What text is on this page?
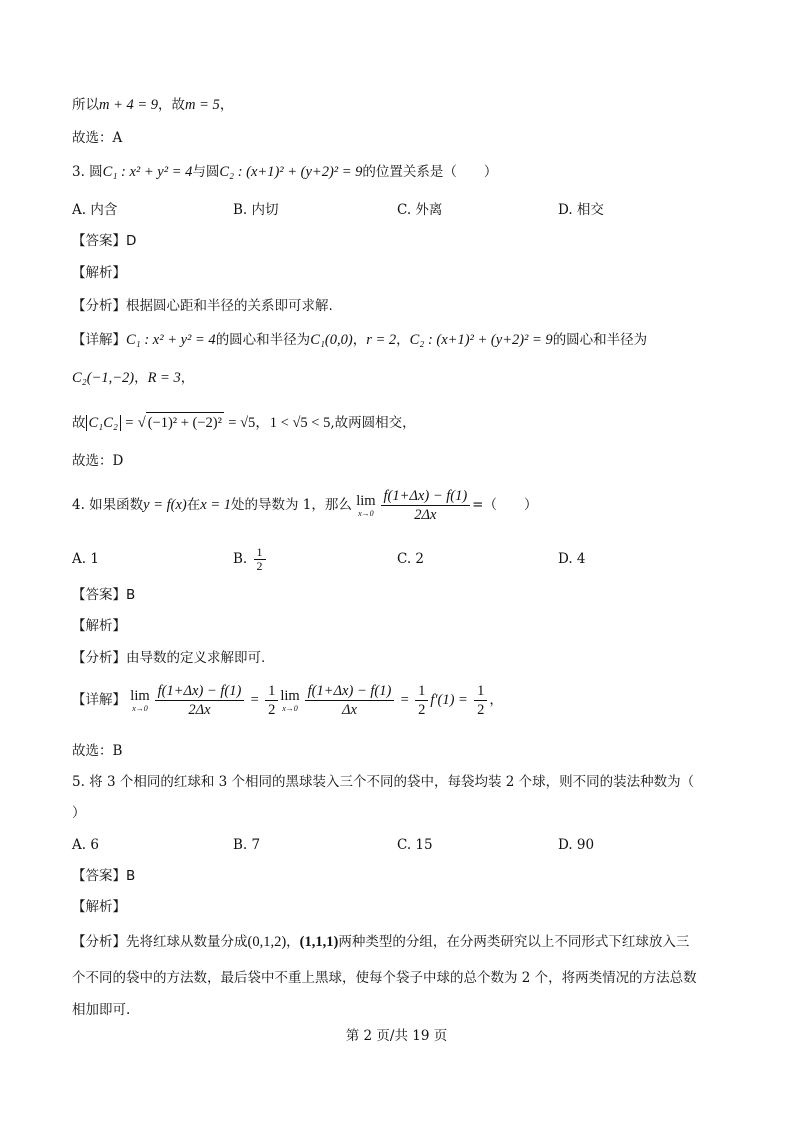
所以m + 4 = 9，故m = 5，
故选：A
3. 圆C₁ : x² + y² = 4与圆C₂ : (x+1)² + (y+2)² = 9的位置关系是（　　）
A. 内含	B. 内切	C. 外离	D. 相交
【答案】D
【解析】
【分析】根据圆心距和半径的关系即可求解.
【详解】C₁ : x² + y² = 4的圆心和半径为C₁(0,0)，r = 2，C₂ : (x+1)² + (y+2)² = 9的圆心和半径为
C₂(−1,−2)，R = 3，
故 C₁C₂ = √ (−1)² + (−2)² = √5，1 < √5 < 5,故两圆相交，
故选：D
4. 如果函数y = f(x)在x = 1处的导数为 1，那么 lim
$x\to 0 \frac{f(1+\Delta x) - f(1)}{2\Delta x}$ =（　　）
A. 1	B. $\frac{1}{2}$	C. 2	D. 4
【答案】B
【解析】
【分析】由导数的定义求解即可.
【详解】 lim
$x\to 0 \frac{f(1+\Delta x) - f(1)}{2\Delta x} = \frac{1}{2}$ lim
$x\to 0 \frac{f(1+\Delta x) - f(1)}{\Delta x} = \frac{1}{2} f'(1) = \frac{1}{2}$ ，
故选：B
5. 将 3 个相同的红球和 3 个相同的黑球装入三个不同的袋中，每袋均装 2 个球，则不同的装法种数为（
）
A. 6	B. 7	C. 15	D. 90
【答案】B
【解析】
【分析】先将红球从数量分成(0,1,2)，(1,1,1)两种类型的分组，在分两类研究以上不同形式下红球放入三
个不同的袋中的方法数，最后袋中不重上黑球，使每个袋子中球的总个数为 2 个，将两类情况的方法总数
相加即可.
第 2 页/共 19 页
